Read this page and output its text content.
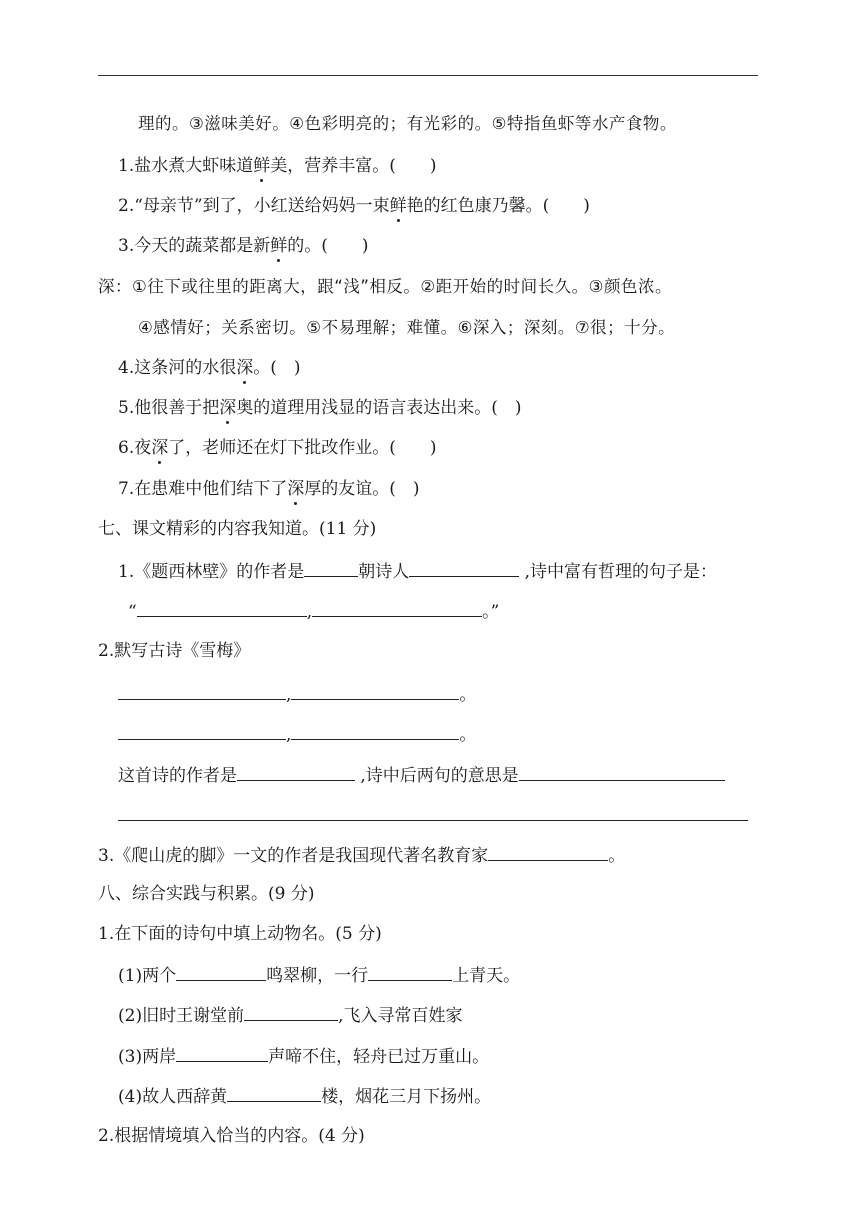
理的。③滋味美好。④色彩明亮的；有光彩的。⑤特指鱼虾等水产食物。
1.盐水煮大虾味道鲜美，营养丰富。(　　)
2.“母亲节”到了，小红送给妈妈一束鲜艳的红色康乃馨。(　　)
3.今天的蔬菜都是新鲜的。(　　)
深：①往下或往里的距离大，跟“浅”相反。②距开始的时间长久。③颜色浓。
④感情好；关系密切。⑤不易理解；难懂。⑥深入；深刻。⑦很；十分。
4.这条河的水很深。(　)
5.他很善于把深奥的道理用浅显的语言表达出来。(　)
6.夜深了，老师还在灯下批改作业。(　　)
7.在患难中他们结下了深厚的友谊。(　)
七、课文精彩的内容我知道。(11 分)
1.《题西林壁》的作者是	朝诗人	,诗中富有哲理的句子是：
“	,	。”
2.默写古诗《雪梅》
,	。
,	。
这首诗的作者是	,诗中后两句的意思是
3.《爬山虎的脚》一文的作者是我国现代著名教育家	。
八、综合实践与积累。(9 分)
1.在下面的诗句中填上动物名。(5 分)
(1)两个	鸣翠柳，一行	上青天。
(2)旧时王谢堂前	,飞入寻常百姓家
(3)两岸	声啼不住，轻舟已过万重山。
(4)故人西辞黄	楼，烟花三月下扬州。
2.根据情境填入恰当的内容。(4 分)
